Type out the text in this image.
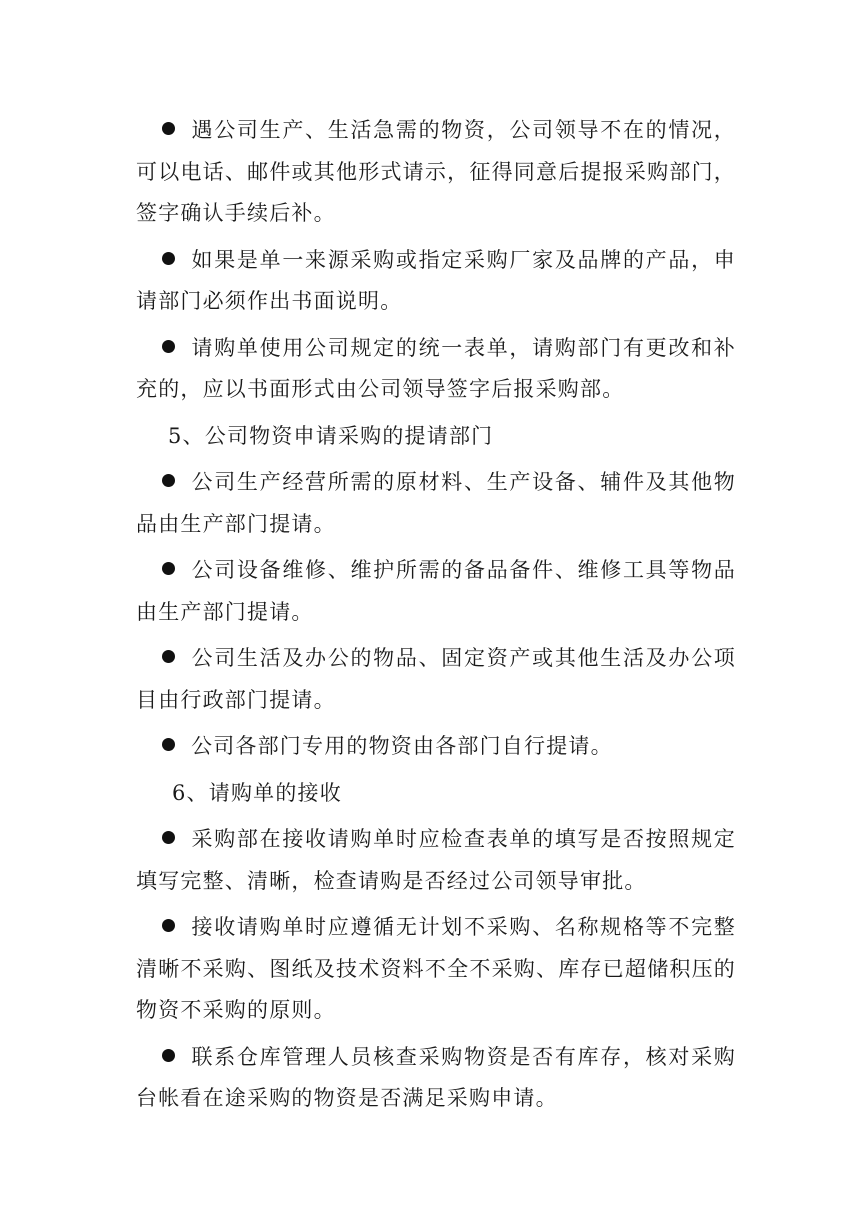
遇公司生产、生活急需的物资，公司领导不在的情况，可以电话、邮件或其他形式请示，征得同意后提报采购部门，签字确认手续后补。

如果是单一来源采购或指定采购厂家及品牌的产品，申请部门必须作出书面说明。

请购单使用公司规定的统一表单，请购部门有更改和补充的，应以书面形式由公司领导签字后报采购部。

5、公司物资申请采购的提请部门

公司生产经营所需的原材料、生产设备、辅件及其他物品由生产部门提请。

公司设备维修、维护所需的备品备件、维修工具等物品由生产部门提请。

公司生活及办公的物品、固定资产或其他生活及办公项目由行政部门提请。

公司各部门专用的物资由各部门自行提请。

6、请购单的接收

采购部在接收请购单时应检查表单的填写是否按照规定填写完整、清晰，检查请购是否经过公司领导审批。

接收请购单时应遵循无计划不采购、名称规格等不完整清晰不采购、图纸及技术资料不全不采购、库存已超储积压的物资不采购的原则。

联系仓库管理人员核查采购物资是否有库存，核对采购台帐看在途采购的物资是否满足采购申请。
